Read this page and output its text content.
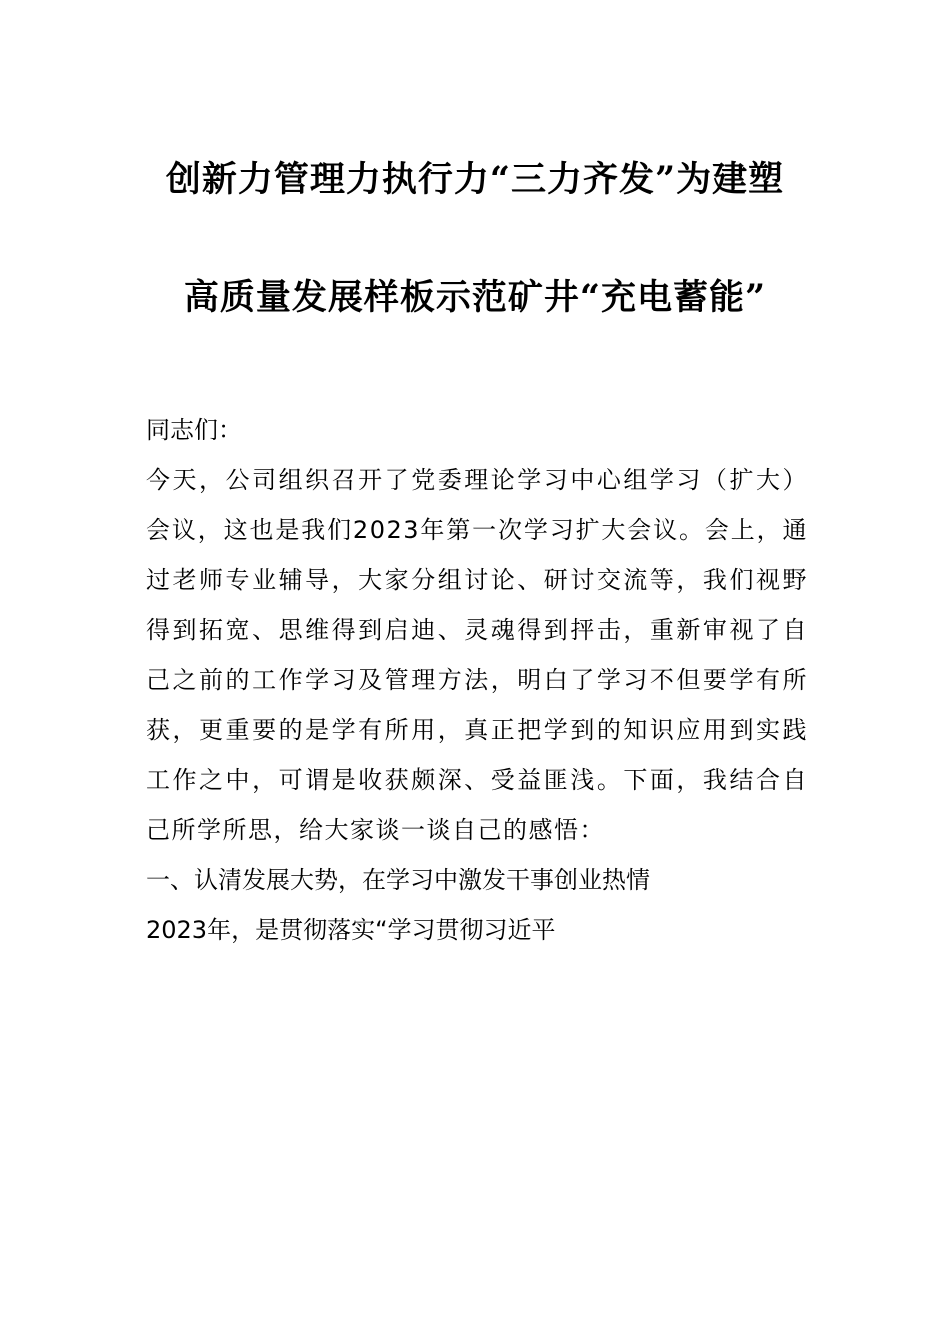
创新力管理力执行力“三力齐发”为建塑
高质量发展样板示范矿井“充电蓄能”
同志们：
今天，公司组织召开了党委理论学习中心组学习（扩大）会议，这也是我们2023年第一次学习扩大会议。会上，通过老师专业辅导，大家分组讨论、研讨交流等，我们视野得到拓宽、思维得到启迪、灵魂得到抨击，重新审视了自己之前的工作学习及管理方法，明白了学习不但要学有所获，更重要的是学有所用，真正把学到的知识应用到实践工作之中，可谓是收获颇深、受益匪浅。下面，我结合自己所学所思，给大家谈一谈自己的感悟：
一、认清发展大势，在学习中激发干事创业热情
2023年，是贯彻落实“学习贯彻习近平
